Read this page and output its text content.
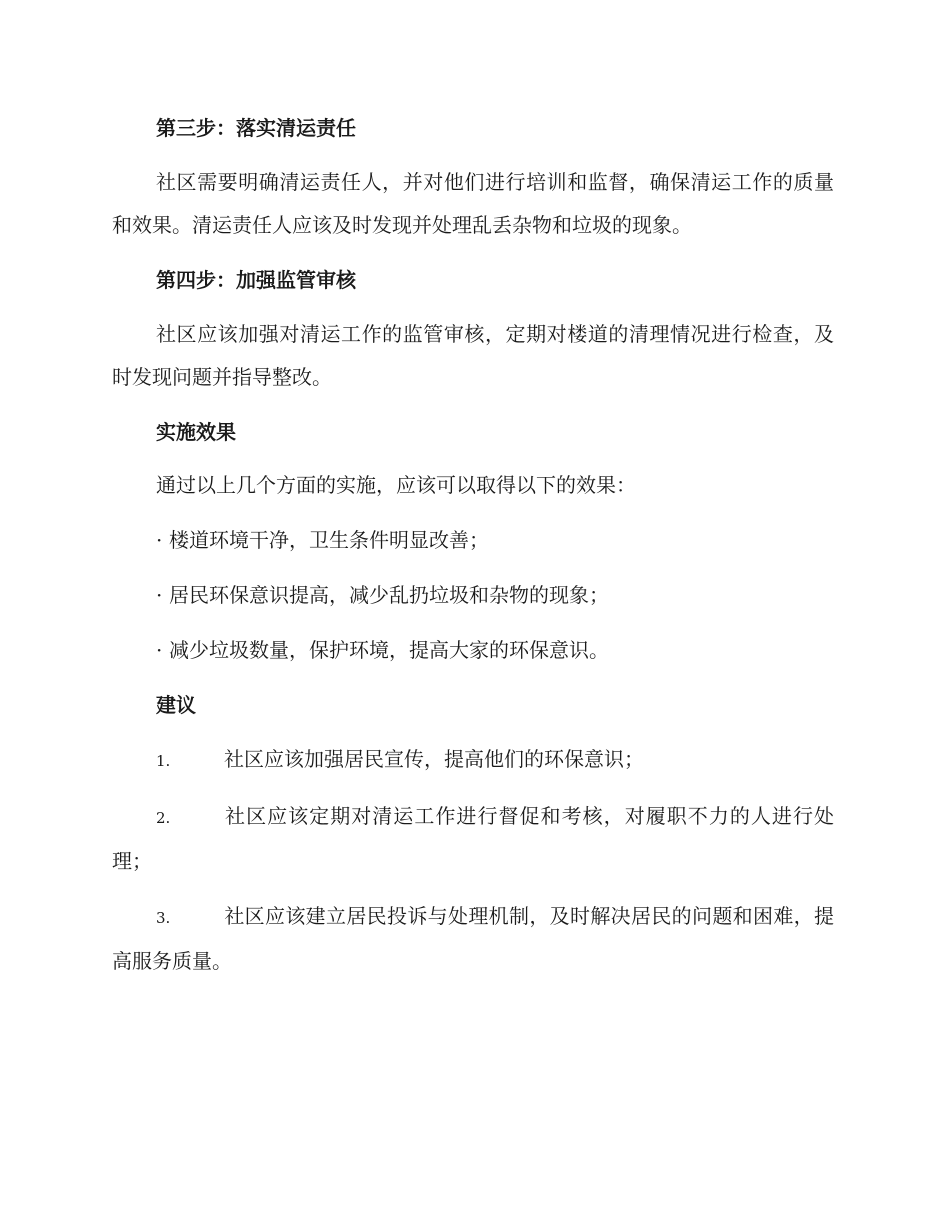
第三步：落实清运责任

社区需要明确清运责任人，并对他们进行培训和监督，确保清运工作的质量和效果。清运责任人应该及时发现并处理乱丢杂物和垃圾的现象。

第四步：加强监管审核

社区应该加强对清运工作的监管审核，定期对楼道的清理情况进行检查，及时发现问题并指导整改。

实施效果
通过以上几个方面的实施，应该可以取得以下的效果：
· 楼道环境干净，卫生条件明显改善；
· 居民环保意识提高，减少乱扔垃圾和杂物的现象；
· 减少垃圾数量，保护环境，提高大家的环保意识。
建议

1.	社区应该加强居民宣传，提高他们的环保意识；

2.	社区应该定期对清运工作进行督促和考核，对履职不力的人进行处理；

3.	社区应该建立居民投诉与处理机制，及时解决居民的问题和困难，提高服务质量。
